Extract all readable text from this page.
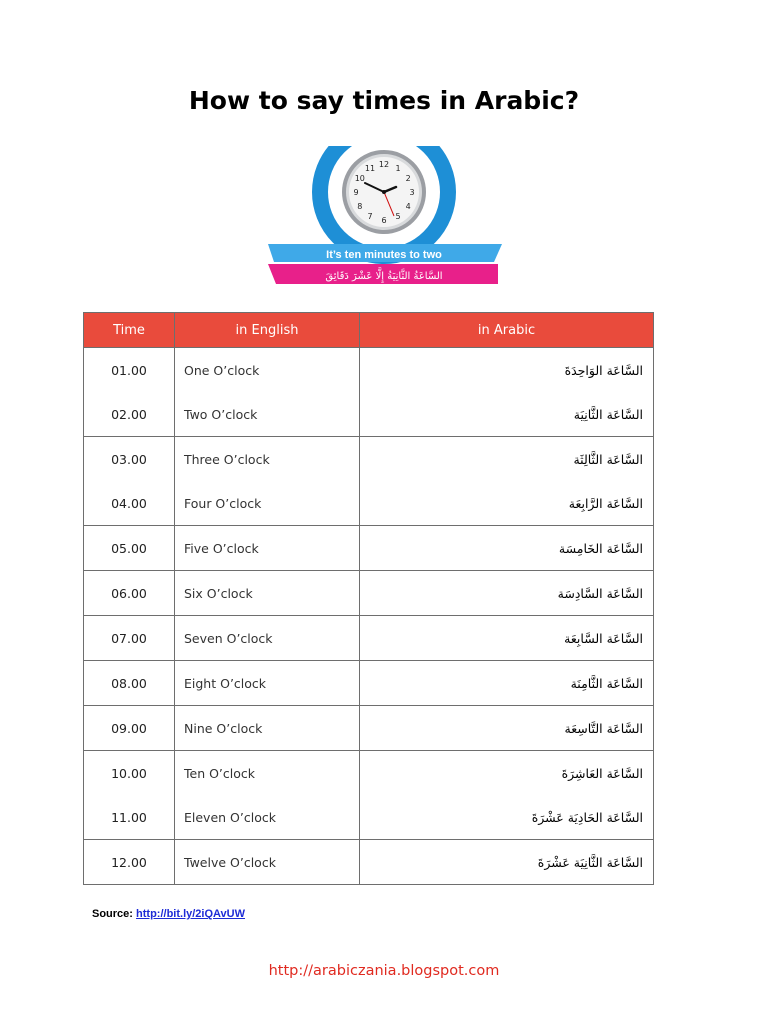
How to say times in Arabic?
12 1
2
3
4
5
6
7
8
9
10
11
It’s ten minutes to two
السَّاعَةُ الثَّانِيَةُ إِلَّا عَشْرَ دَقَائِقَ
Time	in English	in Arabic
01.00	One O’clock	السَّاعَة الوَاحِدَةَ
02.00	Two O’clock	السَّاعَة الثَّانِيَة
03.00	Three O’clock	السَّاعَة الثَّالِثَة
04.00	Four O’clock	السَّاعَة الرَّابِعَة
05.00	Five O’clock	السَّاعَة الخَامِسَة
06.00	Six O’clock	السَّاعَة السَّادِسَة
07.00	Seven O’clock	السَّاعَة السَّابِعَة
08.00	Eight O’clock	السَّاعَة الثَّامِنَة
09.00	Nine O’clock	السَّاعَة التَّاسِعَة
10.00	Ten O’clock	السَّاعَة العَاشِرَةَ
11.00	Eleven O’clock	السَّاعَة الحَادِيَة عَشْرَةَ
12.00	Twelve O’clock	السَّاعَة الثَّانِيَة عَشْرَةَ
Source: http://bit.ly/2iQAvUW
http://arabiczania.blogspot.com
